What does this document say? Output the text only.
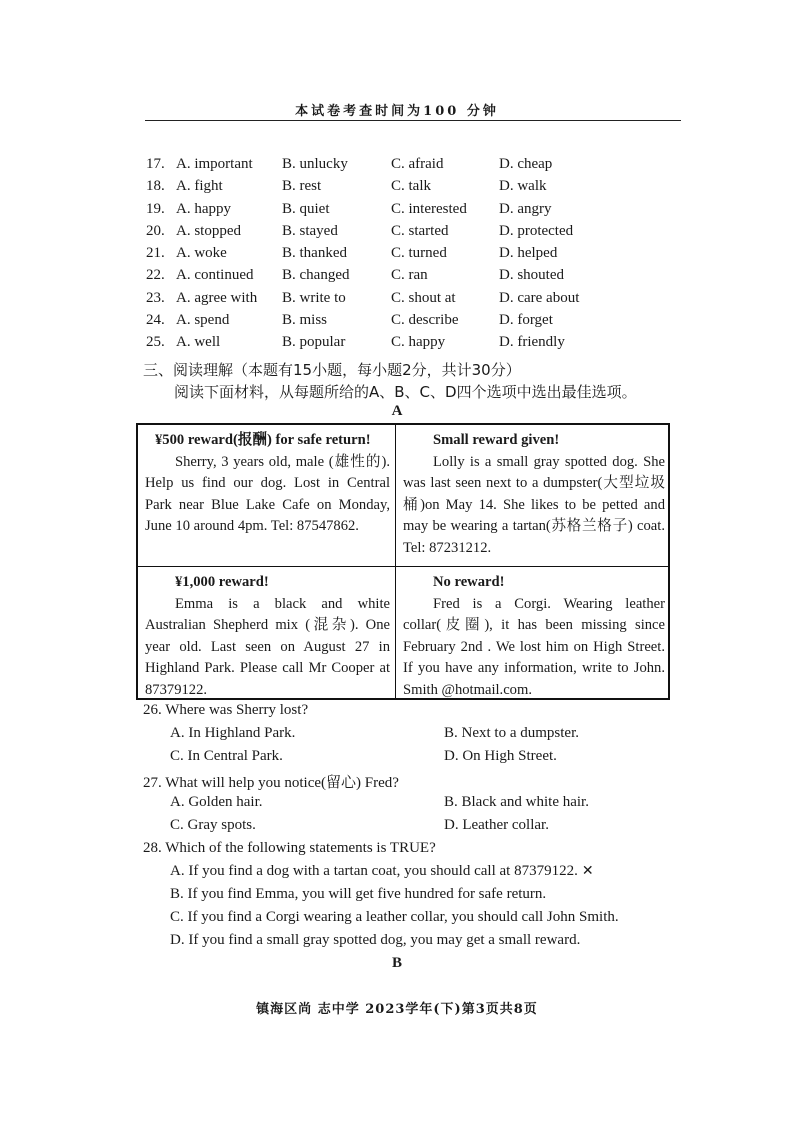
本试卷考查时间为100 分钟
17. A. important B. unlucky	C. afraid	D. cheap
18. A. fight	B. rest	C. talk	D. walk
19. A. happy	B. quiet	C. interested D. angry
20. A. stopped	B. stayed	C. started	D. protected
21. A. woke	B. thanked	C. turned	D. helped
22. A. continued B. changed	C. ran	D. shouted
23. A. agree with B. write to	C. shout at	D. care about
24. A. spend	B. miss	C. describe	D. forget
25. A. well	B. popular	C. happy	D. friendly
三、阅读理解（本题有15小题，每小题2分，共计30分）
阅读下面材料，从每题所给的A、B、C、D四个选项中选出最佳选项。
A
¥500 reward(报酬) for safe return!
Sherry, 3 years old, male (雄性的). Help us find our dog. Lost in Central Park near Blue Lake Cafe on Monday, June 10 around 4pm. Tel: 87547862.
Small reward given!
Lolly is a small gray spotted dog. She was last seen next to a dumpster(大型垃圾桶)on May 14. She likes to be petted and may be wearing a tartan(苏格兰格子) coat. Tel: 87231212.
¥1,000 reward!
Emma is a black and white Australian Shepherd mix (混杂). One year old. Last seen on August 27 in Highland Park. Please call Mr Cooper at 87379122.
No reward!
Fred is a Corgi. Wearing leather collar(皮圈), it has been missing since February 2nd . We lost him on High Street. If you have any information, write to John. Smith @hotmail.com.
26. Where was Sherry lost?
A. In Highland Park.	B. Next to a dumpster.
C. In Central Park.	D. On High Street.
27. What will help you notice(留心) Fred?
A. Golden hair.	B. Black and white hair.
C. Gray spots.	D. Leather collar.
28. Which of the following statements is TRUE?
A. If you find a dog with a tartan coat, you should call at 87379122. ✕
B. If you find Emma, you will get five hundred for safe return.
C. If you find a Corgi wearing a leather collar, you should call John Smith.
D. If you find a small gray spotted dog, you may get a small reward.
B
镇海区尚 志中学 2023学年(下)第3页共8页
